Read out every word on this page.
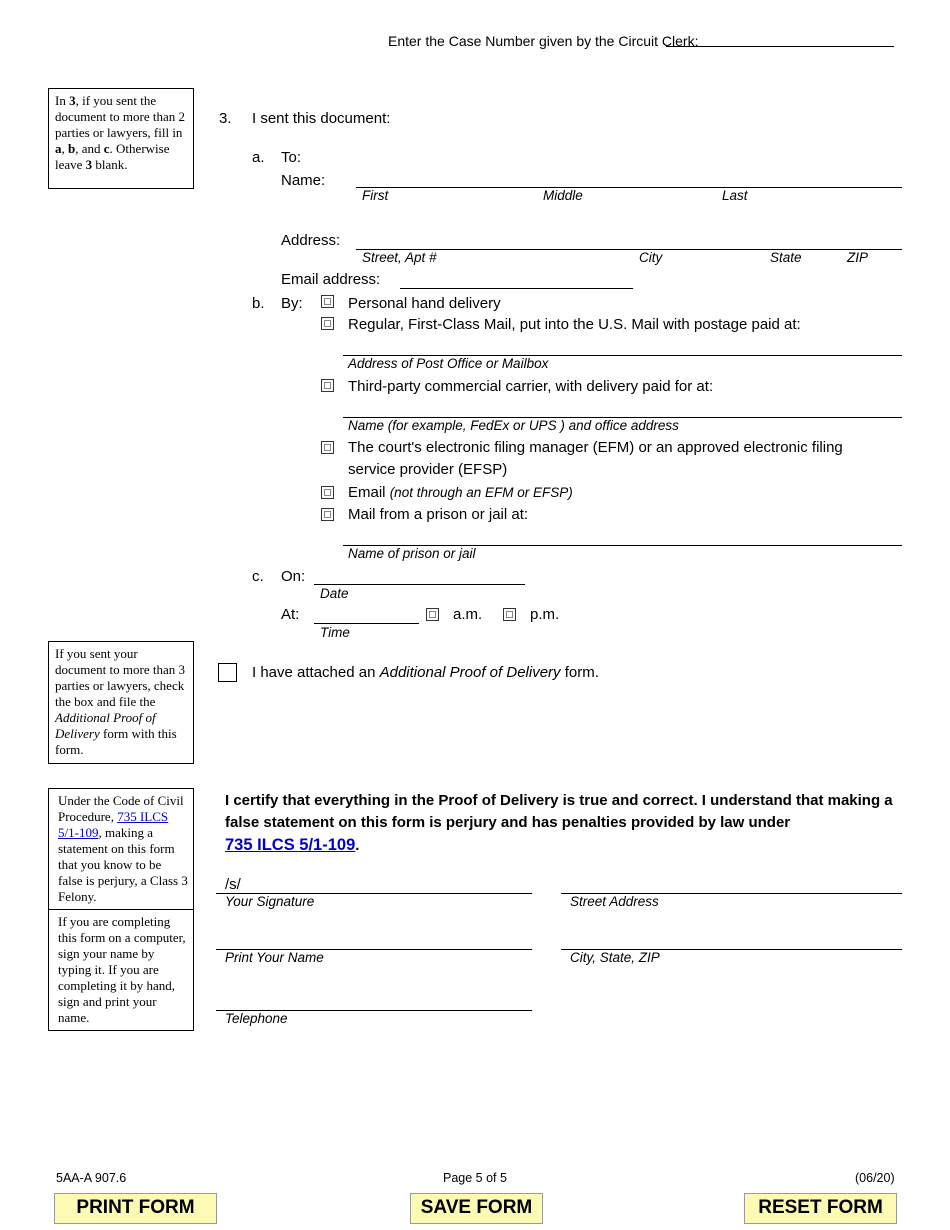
Enter the Case Number given by the Circuit Clerk:
In 3, if you sent the document to more than 2 parties or lawyers, fill in a, b, and c. Otherwise leave 3 blank.
3. I sent this document:
a. To:
Name:
First	Middle	Last
Address:
Street, Apt #	City	State	ZIP
Email address:
b. By:	Personal hand delivery
Regular, First-Class Mail, put into the U.S. Mail with postage paid at:
Address of Post Office or Mailbox
Third-party commercial carrier, with delivery paid for at:
Name (for example, FedEx or UPS ) and office address
The court's electronic filing manager (EFM) or an approved electronic filing
service provider (EFSP)
Email (not through an EFM or EFSP)
Mail from a prison or jail at:
Name of prison or jail
c. On:
Date
At:
Time
a.m.	p.m.
If you sent your document to more than 3 parties or lawyers, check the box and file the Additional Proof of Delivery form with this form.
I have attached an Additional Proof of Delivery form.
Under the Code of Civil Procedure, 735 ILCS 5/1-109, making a statement on this form that you know to be false is perjury, a Class 3 Felony.
If you are completing this form on a computer, sign your name by typing it. If you are completing it by hand, sign and print your name.
I certify that everything in the Proof of Delivery is true and correct. I understand that making a false statement on this form is perjury and has penalties provided by law under
735 ILCS 5/1-109.
/s/
Your Signature
Print Your Name
Telephone
Street Address
City, State, ZIP
5AA-A 907.6	Page 5 of 5	(06/20)
PRINT FORM	SAVE FORM	RESET FORM
